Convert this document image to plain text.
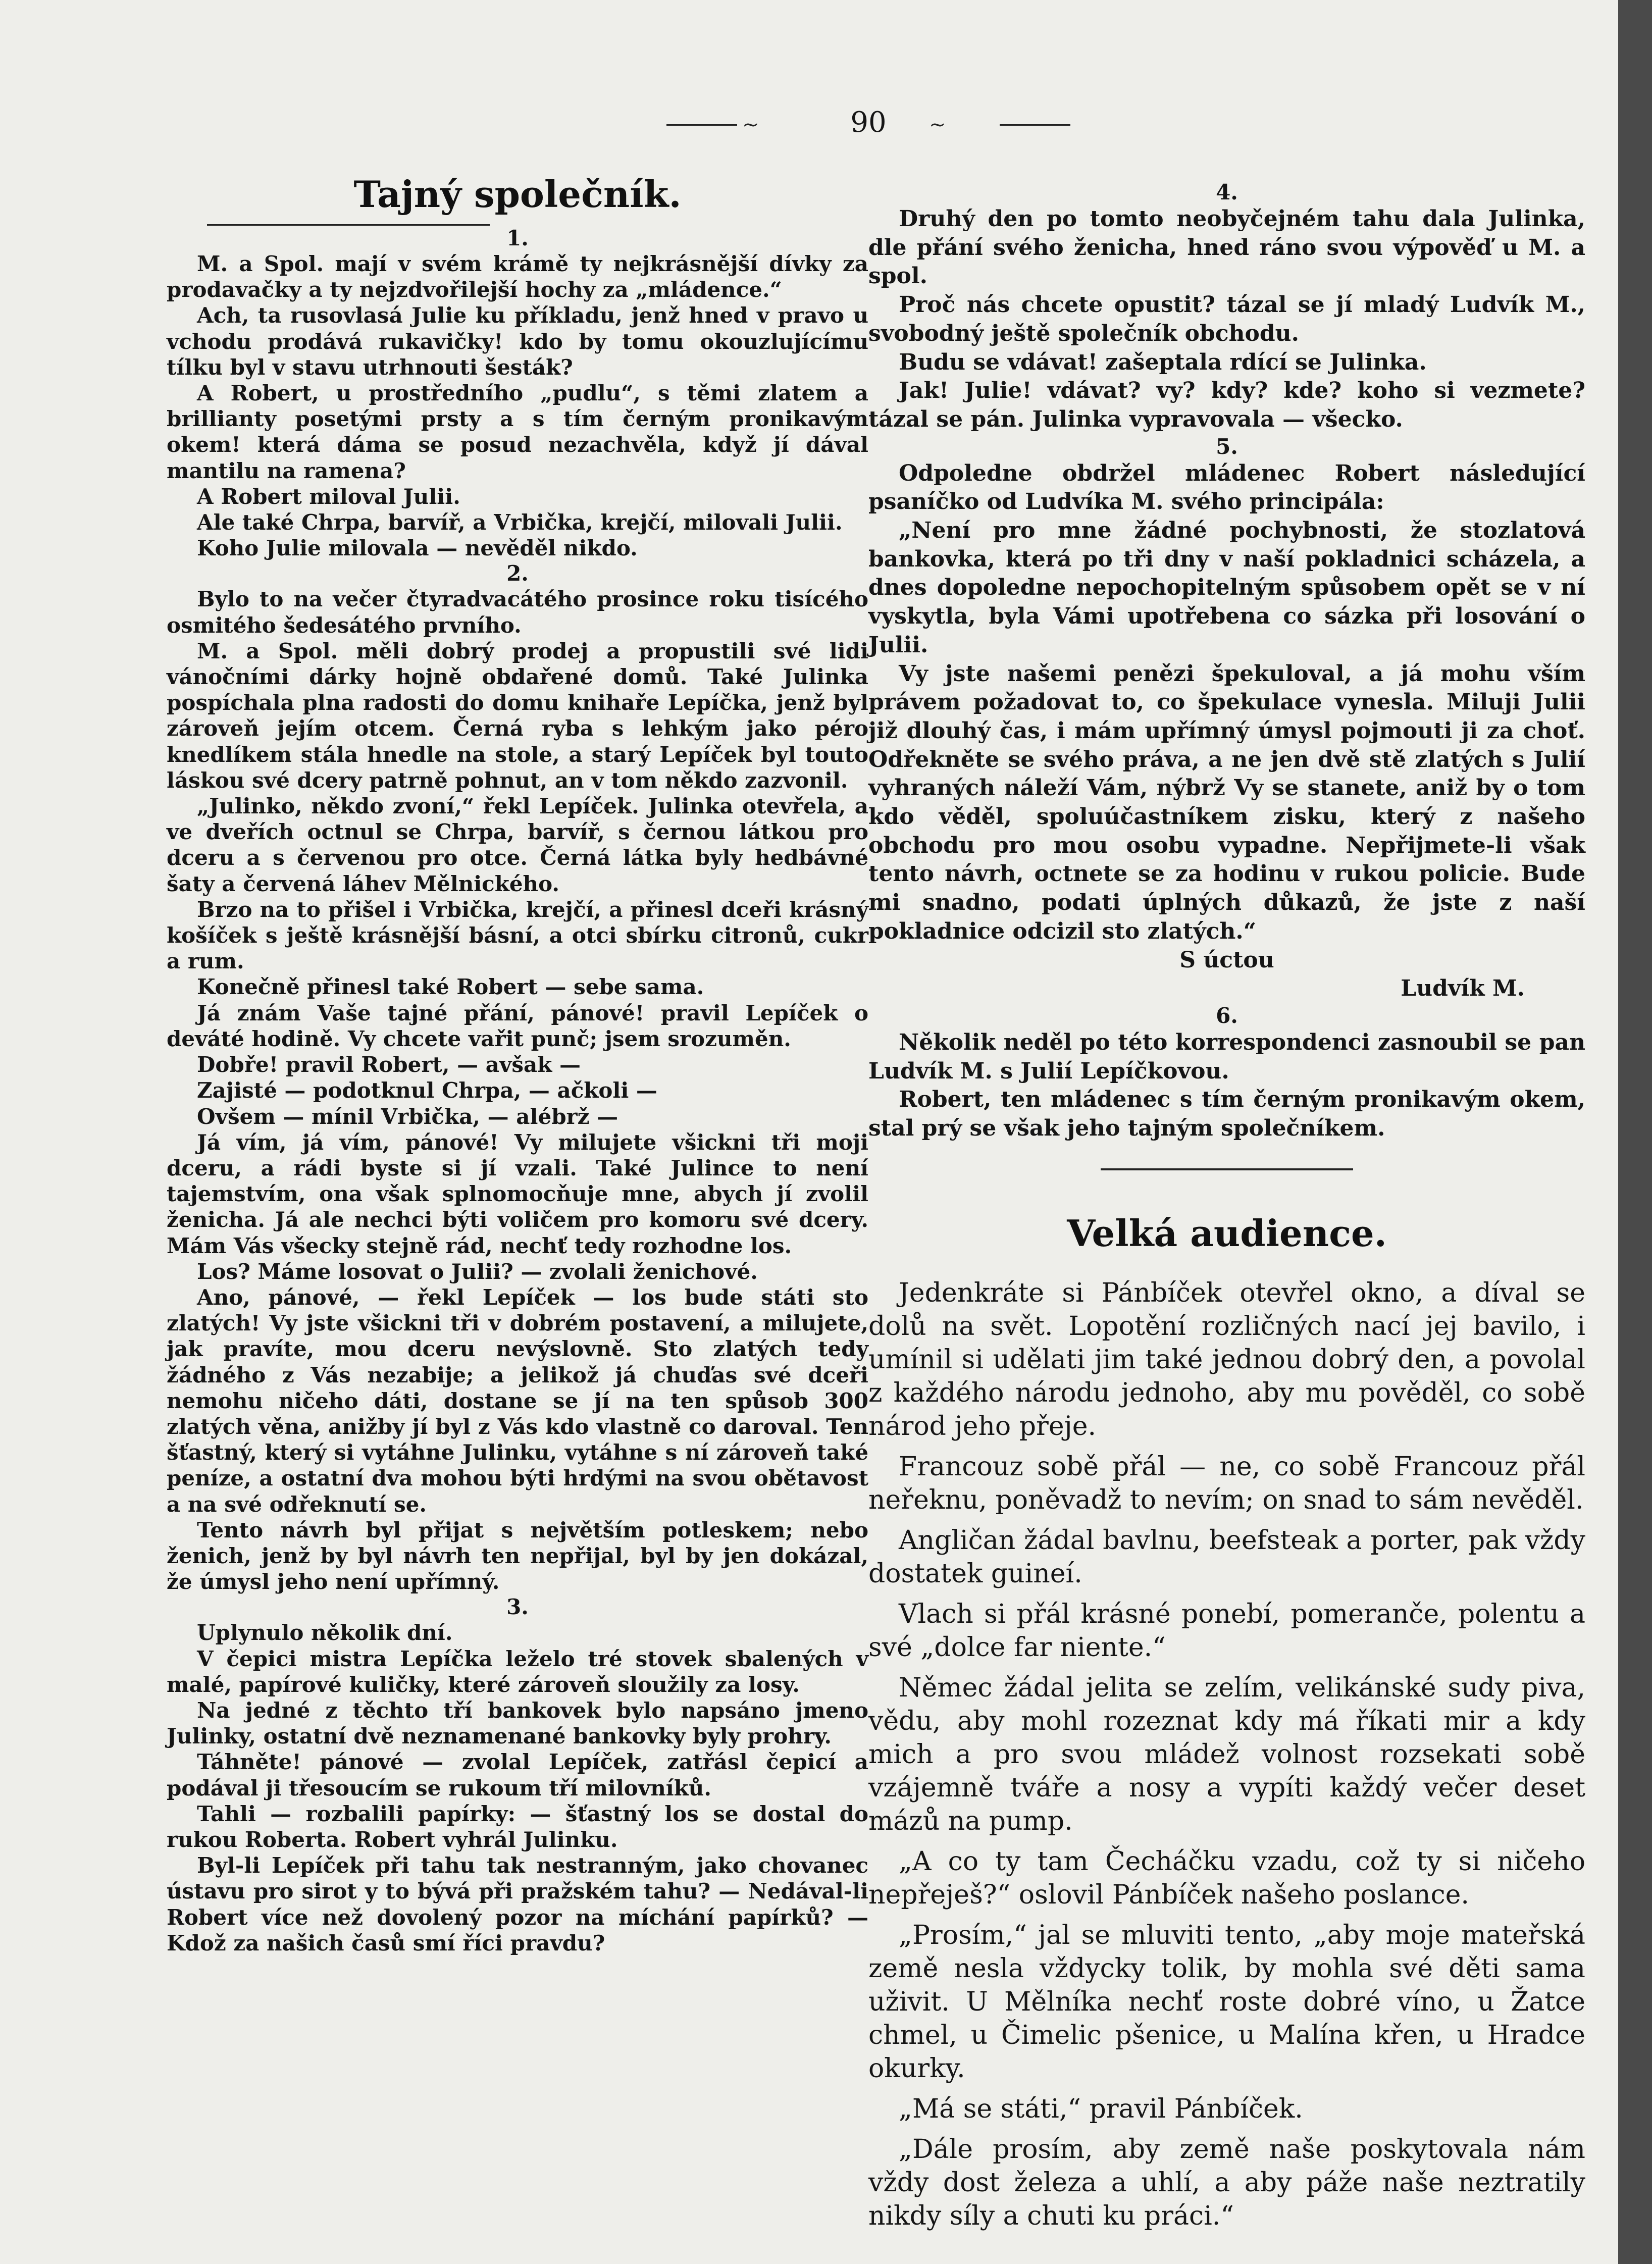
~	90 ~
Tajný společník.
1.

M. a Spol. mají v svém krámě ty nejkrásnější dívky za prodavačky a ty nejzdvořilejší hochy za „mládence.“

Ach, ta rusovlasá Julie ku příkladu, jenž hned v pravo u vchodu prodává rukavičky! kdo by tomu okouzlujícímu tílku byl v stavu utrhnouti šesták?

A Robert, u prostředního „pudlu“, s těmi zlatem a brillianty posetými prsty a s tím černým pronikavým okem! která dáma se posud nezachvěla, když jí dával mantilu na ramena?

A Robert miloval Julii.

Ale také Chrpa, barvíř, a Vrbička, krejčí, milovali Julii.

Koho Julie milovala — nevěděl nikdo.

2.

Bylo to na večer čtyradvacátého prosince roku tisícého osmitého šedesátého prvního.

M. a Spol. měli dobrý prodej a propustili své lidi vánočními dárky hojně obdařené domů. Také Julinka pospíchala plna radosti do domu knihaře Lepíčka, jenž byl zároveň jejím otcem. Černá ryba s lehkým jako péro knedlíkem stála hnedle na stole, a starý Lepíček byl touto láskou své dcery patrně pohnut, an v tom někdo zazvonil.

„Julinko, někdo zvoní,“ řekl Lepíček. Julinka otevřela, a ve dveřích octnul se Chrpa, barvíř, s černou látkou pro dceru a s červenou pro otce. Černá látka byly hedbávné šaty a červená láhev Mělnického.

Brzo na to přišel i Vrbička, krejčí, a přinesl dceři krásný košíček s ještě krásnější básní, a otci sbírku citronů, cukr a rum.

Konečně přinesl také Robert — sebe sama.

Já znám Vaše tajné přání, pánové! pravil Lepíček o deváté hodině. Vy chcete vařit punč; jsem srozuměn.

Dobře! pravil Robert, — avšak —

Zajisté — podotknul Chrpa, — ačkoli —

Ovšem — mínil Vrbička, — alébrž —

Já vím, já vím, pánové! Vy milujete všickni tři moji dceru, a rádi byste si jí vzali. Také Julince to není tajemstvím, ona však splnomocňuje mne, abych jí zvolil ženicha. Já ale nechci býti voličem pro komoru své dcery. Mám Vás všecky stejně rád, nechť tedy rozhodne los.

Los? Máme losovat o Julii? — zvolali ženichové.

Ano, pánové, — řekl Lepíček — los bude státi sto zlatých! Vy jste všickni tři v dobrém postavení, a milujete, jak pravíte, mou dceru nevýslovně. Sto zlatých tedy žádného z Vás nezabije; a jelikož já chuďas své dceři nemohu ničeho dáti, dostane se jí na ten spůsob 300 zlatých věna, anižby jí byl z Vás kdo vlastně co daroval. Ten šťastný, který si vytáhne Julinku, vytáhne s ní zároveň také peníze, a ostatní dva mohou býti hrdými na svou obětavost a na své odřeknutí se.

Tento návrh byl přijat s největším potleskem; nebo ženich, jenž by byl návrh ten nepřijal, byl by jen dokázal, že úmysl jeho není upřímný.

3.

Uplynulo několik dní.

V čepici mistra Lepíčka leželo tré stovek sbalených v malé, papírové kuličky, které zároveň sloužily za losy.

Na jedné z těchto tří bankovek bylo napsáno jmeno Julinky, ostatní dvě neznamenané bankovky byly prohry.

Táhněte! pánové — zvolal Lepíček, zatřásl čepicí a podával ji třesoucím se rukoum tří milovníků.

Tahli — rozbalili papírky: — šťastný los se dostal do rukou Roberta. Robert vyhrál Julinku.

Byl-li Lepíček při tahu tak nestranným, jako chovanec ústavu pro sirot y to bývá při pražském tahu? — Nedával-li Robert více než dovolený pozor na míchání papírků? — Kdož za našich časů smí říci pravdu?

4.

Druhý den po tomto neobyčejném tahu dala Julinka, dle přání svého ženicha, hned ráno svou výpověď u M. a spol.

Proč nás chcete opustit? tázal se jí mladý Ludvík M., svobodný ještě společník obchodu.

Budu se vdávat! zašeptala rdící se Julinka.

Jak! Julie! vdávat? vy? kdy? kde? koho si vezmete? tázal se pán. Julinka vypravovala — všecko.

5.

Odpoledne obdržel mládenec Robert následující psaníčko od Ludvíka M. svého principála:

„Není pro mne žádné pochybnosti, že stozlatová bankovka, která po tři dny v naší pokladnici scházela, a dnes dopoledne nepochopitelným spůsobem opět se v ní vyskytla, byla Vámi upotřebena co sázka při losování o Julii.

Vy jste našemi penězi špekuloval, a já mohu vším právem požadovat to, co špekulace vynesla. Miluji Julii již dlouhý čas, i mám upřímný úmysl pojmouti ji za choť. Odřekněte se svého práva, a ne jen dvě stě zlatých s Julií vyhraných náleží Vám, nýbrž Vy se stanete, aniž by o tom kdo věděl, spoluúčastníkem zisku, který z našeho obchodu pro mou osobu vypadne. Nepřijmete-li však tento návrh, octnete se za hodinu v rukou policie. Bude mi snadno, podati úplných důkazů, že jste z naší pokladnice odcizil sto zlatých.“

S úctou
Ludvík M.
6.

Několik neděl po této korrespondenci zasnoubil se pan Ludvík M. s Julií Lepíčkovou.

Robert, ten mládenec s tím černým pronikavým okem, stal prý se však jeho tajným společníkem.

Velká audience.

Jedenkráte si Pánbíček otevřel okno, a díval se dolů na svět. Lopotění rozličných nací jej bavilo, i umínil si udělati jim také jednou dobrý den, a povolal z každého národu jednoho, aby mu pověděl, co sobě národ jeho přeje.

Francouz sobě přál — ne, co sobě Francouz přál neřeknu, poněvadž to nevím; on snad to sám nevěděl.

Angličan žádal bavlnu, beefsteak a porter, pak vždy dostatek guineí.

Vlach si přál krásné ponebí, pomeranče, polentu a své „dolce far niente.“

Němec žádal jelita se zelím, velikánské sudy piva, vědu, aby mohl rozeznat kdy má říkati mir a kdy mich a pro svou mládež volnost rozsekati sobě vzájemně tváře a nosy a vypíti každý večer deset mázů na pump.

„A co ty tam Čecháčku vzadu, což ty si ničeho nepřeješ?“ oslovil Pánbíček našeho poslance.

„Prosím,“ jal se mluviti tento, „aby moje mateřská země nesla vždycky tolik, by mohla své děti sama uživit. U Mělníka nechť roste dobré víno, u Žatce chmel, u Čimelic pšenice, u Malína křen, u Hradce okurky.

„Má se státi,“ pravil Pánbíček.

„Dále prosím, aby země naše poskytovala nám vždy dost železa a uhlí, a aby páže naše neztratily nikdy síly a chuti ku práci.“
